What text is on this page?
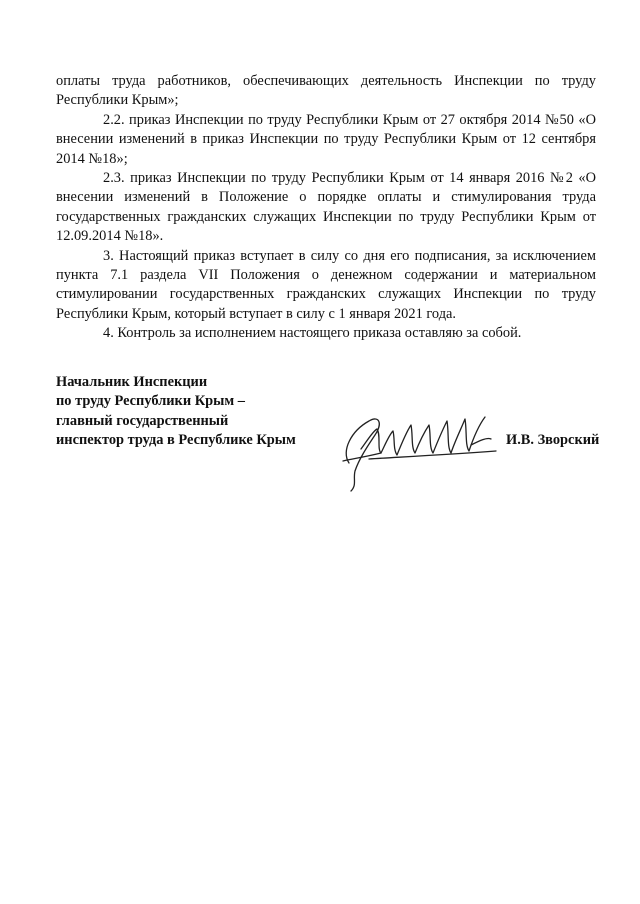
оплаты труда работников, обеспечивающих деятельность Инспекции по труду Республики Крым»;

2.2. приказ Инспекции по труду Республики Крым от 27 октября 2014 №50 «О внесении изменений в приказ Инспекции по труду Республики Крым от 12 сентября 2014 №18»;

2.3. приказ Инспекции по труду Республики Крым от 14 января 2016 №2 «О внесении изменений в Положение о порядке оплаты и стимулирования труда государственных гражданских служащих Инспекции по труду Республики Крым от 12.09.2014 №18».

3. Настоящий приказ вступает в силу со дня его подписания, за исключением пункта 7.1 раздела VII Положения о денежном содержании и материальном стимулировании государственных гражданских служащих Инспекции по труду Республики Крым, который вступает в силу с 1 января 2021 года.

4. Контроль за исполнением настоящего приказа оставляю за собой.

Начальник Инспекции
по труду Республики Крым –
главный государственный
инспектор труда в Республике Крым	И.В. Зворский
